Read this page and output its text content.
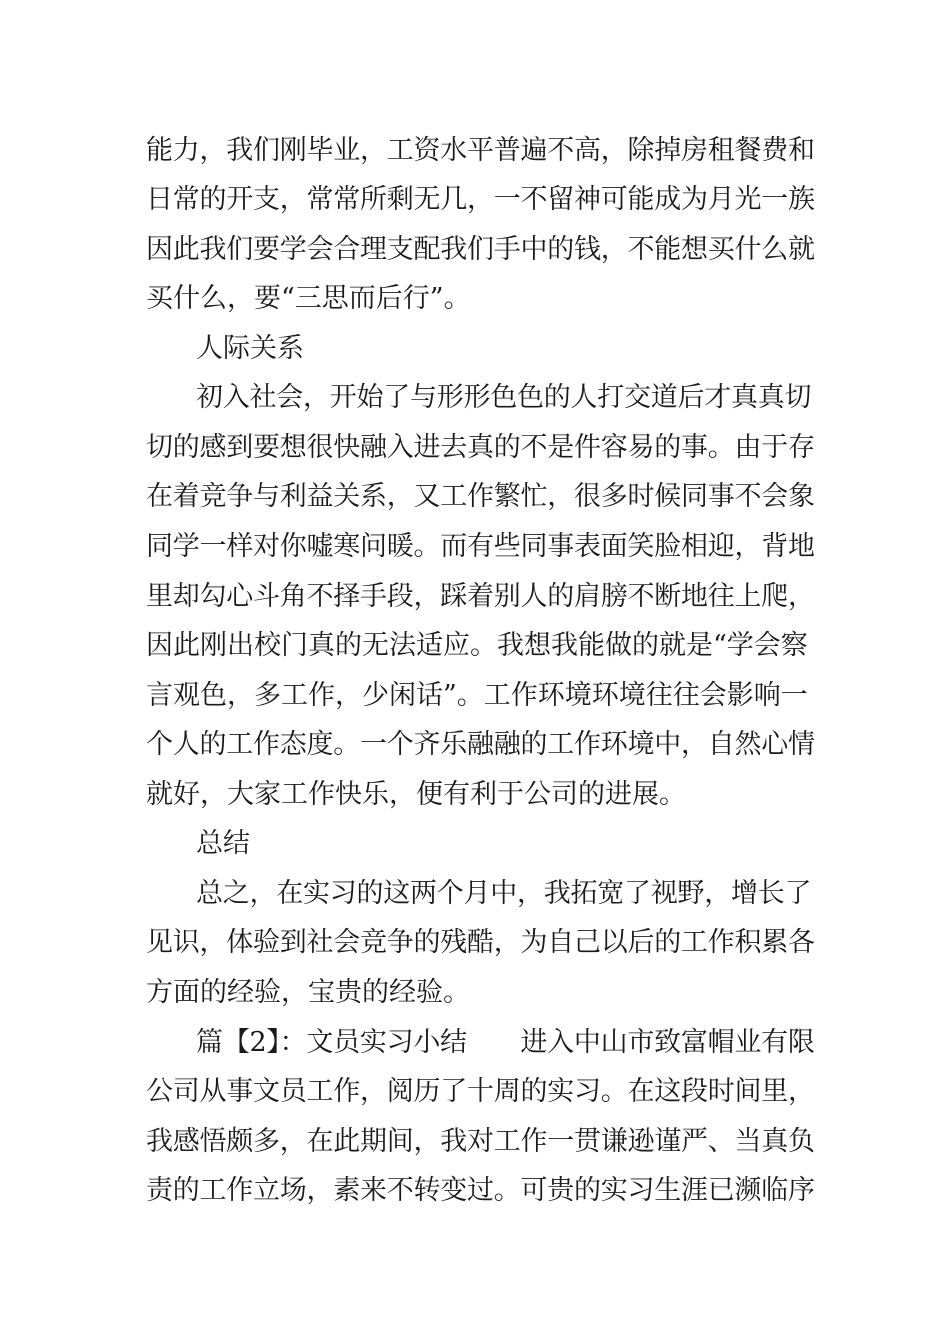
能力，我们刚毕业，工资水平普遍不高，除掉房租餐费和

日常的开支，常常所剩无几，一不留神可能成为月光一族

因此我们要学会合理支配我们手中的钱，不能想买什么就

买什么，要“三思而后行”。

人际关系

初入社会，开始了与形形色色的人打交道后才真真切

切的感到要想很快融入进去真的不是件容易的事。由于存

在着竞争与利益关系，又工作繁忙，很多时候同事不会象

同学一样对你嘘寒问暖。而有些同事表面笑脸相迎，背地

里却勾心斗角不择手段，踩着别人的肩膀不断地往上爬，

因此刚出校门真的无法适应。我想我能做的就是“学会察

言观色，多工作，少闲话”。工作环境环境往往会影响一

个人的工作态度。一个齐乐融融的工作环境中，自然心情

就好，大家工作快乐，便有利于公司的进展。

总结

总之，在实习的这两个月中，我拓宽了视野，增长了

见识，体验到社会竞争的残酷，为自己以后的工作积累各

方面的经验，宝贵的经验。

篇【2】：文员实习小结　　进入中山市致富帽业有限

公司从事文员工作，阅历了十周的实习。在这段时间里，

我感悟颇多，在此期间，我对工作一贯谦逊谨严、当真负

责的工作立场，素来不转变过。可贵的实习生涯已濒临序
